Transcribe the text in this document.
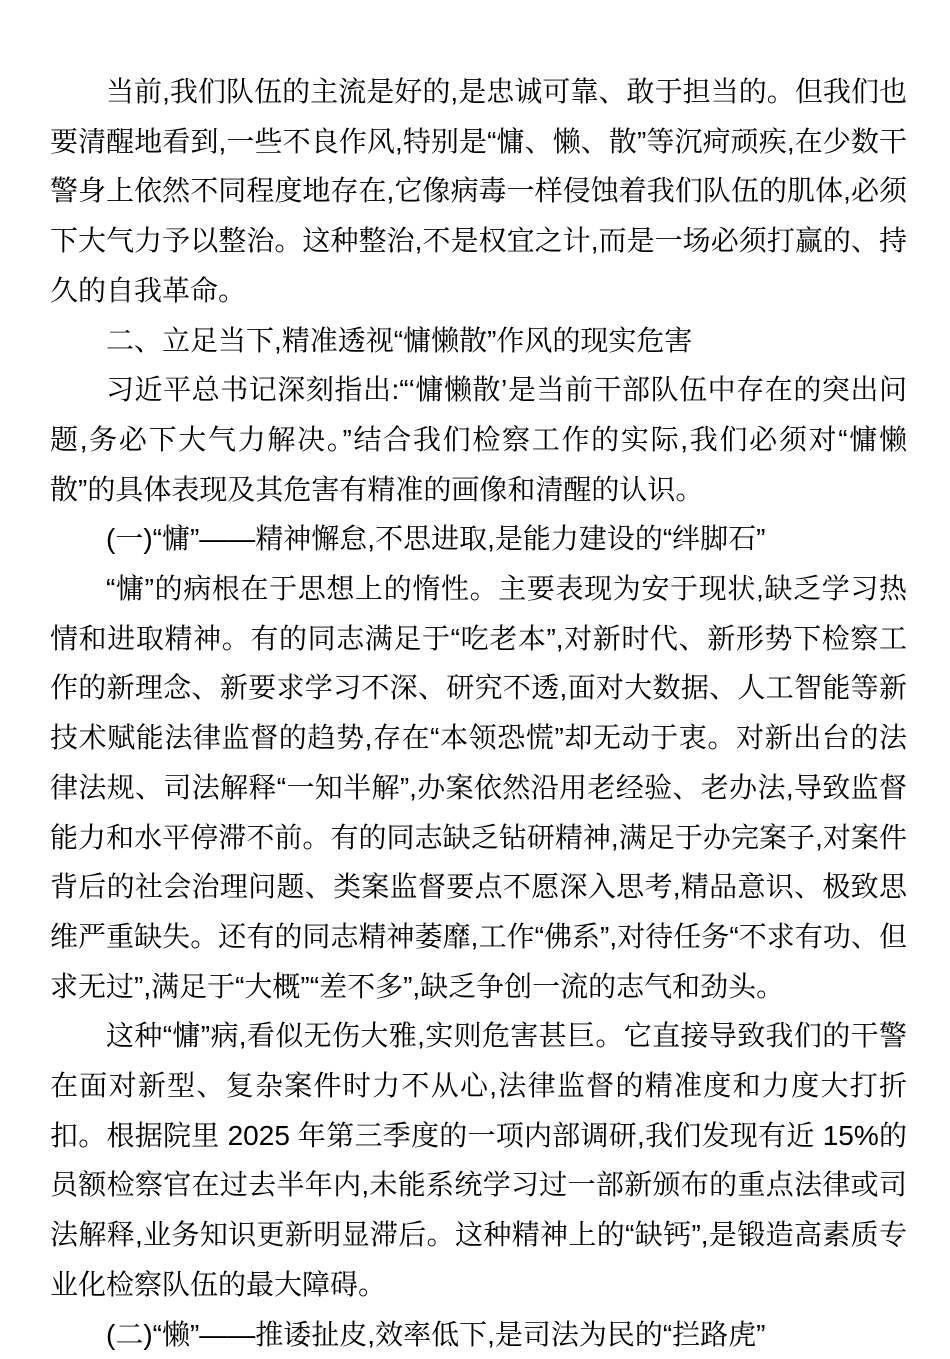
当前,我们队伍的主流是好的,是忠诚可靠、敢于担当的。但我们也要清醒地看到,一些不良作风,特别是“慵、懒、散”等沉疴顽疾,在少数干警身上依然不同程度地存在,它像病毒一样侵蚀着我们队伍的肌体,必须下大气力予以整治。这种整治,不是权宜之计,而是一场必须打赢的、持久的自我革命。

二、立足当下,精准透视“慵懒散”作风的现实危害

习近平总书记深刻指出:“‘慵懒散’是当前干部队伍中存在的突出问题,务必下大气力解决。”结合我们检察工作的实际,我们必须对“慵懒散”的具体表现及其危害有精准的画像和清醒的认识。

(一)“慵”——精神懈怠,不思进取,是能力建设的“绊脚石”

“慵”的病根在于思想上的惰性。主要表现为安于现状,缺乏学习热情和进取精神。有的同志满足于“吃老本”,对新时代、新形势下检察工作的新理念、新要求学习不深、研究不透,面对大数据、人工智能等新技术赋能法律监督的趋势,存在“本领恐慌”却无动于衷。对新出台的法律法规、司法解释“一知半解”,办案依然沿用老经验、老办法,导致监督能力和水平停滞不前。有的同志缺乏钻研精神,满足于办完案子,对案件背后的社会治理问题、类案监督要点不愿深入思考,精品意识、极致思维严重缺失。还有的同志精神萎靡,工作“佛系”,对待任务“不求有功、但求无过”,满足于“大概”“差不多”,缺乏争创一流的志气和劲头。

这种“慵”病,看似无伤大雅,实则危害甚巨。它直接导致我们的干警在面对新型、复杂案件时力不从心,法律监督的精准度和力度大打折扣。根据院里 2025 年第三季度的一项内部调研,我们发现有近 15%的员额检察官在过去半年内,未能系统学习过一部新颁布的重点法律或司法解释,业务知识更新明显滞后。这种精神上的“缺钙”,是锻造高素质专业化检察队伍的最大障碍。

(二)“懒”——推诿扯皮,效率低下,是司法为民的“拦路虎”
